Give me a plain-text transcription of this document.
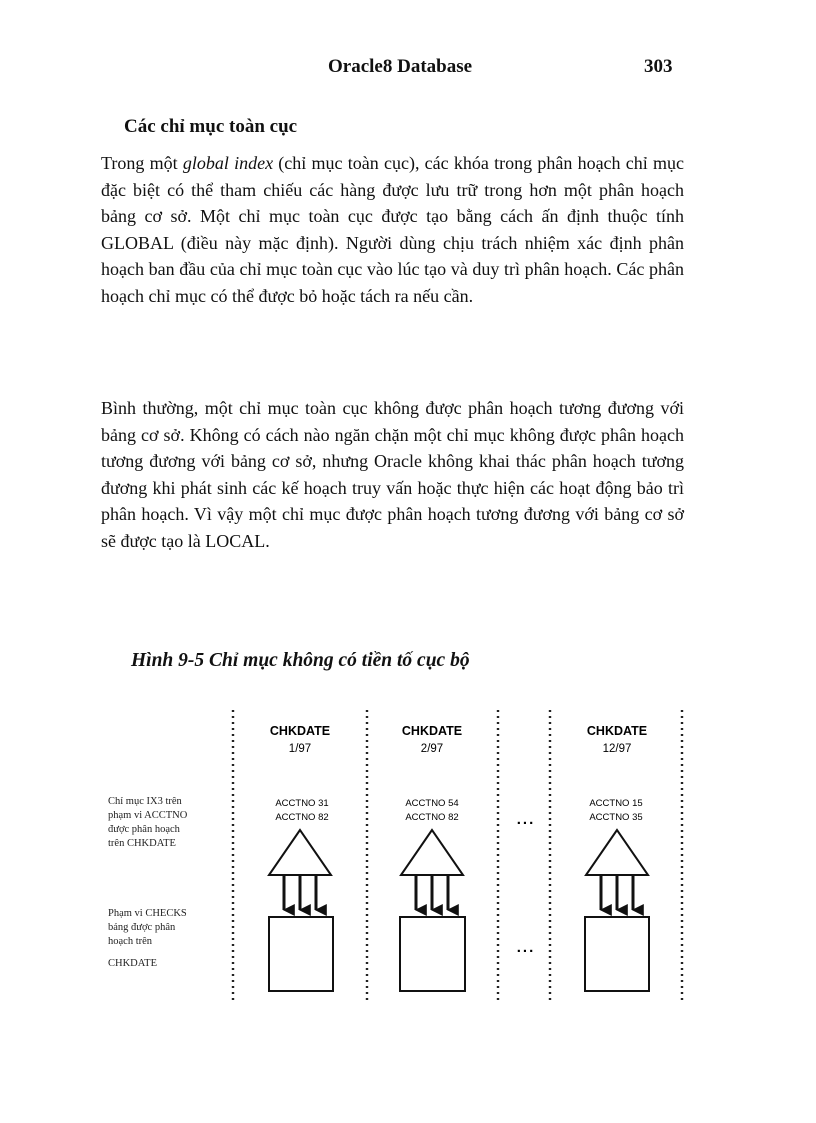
Oracle8 Database	303
Các chỉ mục toàn cục

Trong một global index (chỉ mục toàn cục), các khóa trong phân hoạch chỉ mục đặc biệt có thể tham chiếu các hàng được lưu trữ trong hơn một phân hoạch bảng cơ sở. Một chỉ mục toàn cục được tạo bằng cách ấn định thuộc tính GLOBAL (điều này mặc định). Người dùng chịu trách nhiệm xác định phân hoạch ban đầu của chỉ mục toàn cục vào lúc tạo và duy trì phân hoạch. Các phân hoạch chỉ mục có thể được bỏ hoặc tách ra nếu cần.

Bình thường, một chỉ mục toàn cục không được phân hoạch tương đương với bảng cơ sở. Không có cách nào ngăn chặn một chỉ mục không được phân hoạch tương đương với bảng cơ sở, nhưng Oracle không khai thác phân hoạch tương đương khi phát sinh các kế hoạch truy vấn hoặc thực hiện các hoạt động bảo trì phân hoạch. Vì vậy một chỉ mục được phân hoạch tương đương với bảng cơ sở sẽ được tạo là LOCAL.

Hình 9-5 Chỉ mục không có tiền tố cục bộ
Chỉ mục IX3 trên
phạm vi ACCTNO
được phân hoạch
trên CHKDATE
Phạm vi CHECKS
bảng được phân
hoạch trên
CHKDATE
CHKDATE
1/97
ACCTNO 31
ACCTNO 82
CHKDATE
2/97
ACCTNO 54
ACCTNO 82	...
...
CHKDATE
12/97
ACCTNO 15
ACCTNO 35
